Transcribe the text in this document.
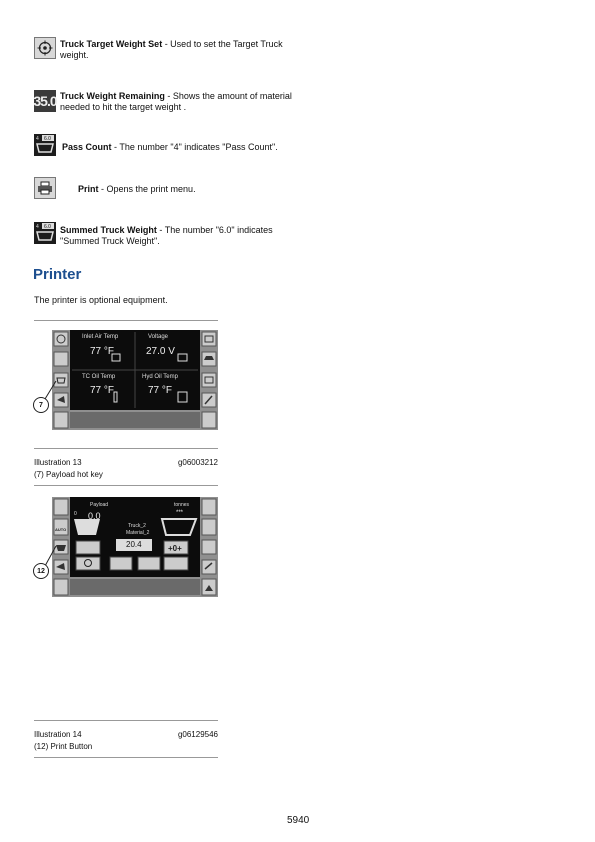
Truck Target Weight Set - Used to set the Target Truck weight.
35.0 Truck Weight Remaining - Shows the amount of material needed to hit the target weight .
4 6.0
Pass Count - The number "4" indicates "Pass Count".
Print - Opens the print menu.
4 6.0 Summed Truck Weight - The number "6.0" indicates "Summed Truck Weight".
Printer

The printer is optional equipment.

Inlet Air Temp
77 °F
Voltage
27.0 V
TC Oil Temp
77 °F
Hyd Oil Temp
77 °F
7
Illustration 13	g06003212
(7) Payload hot key
+0+
Payload
0 0.0
tonnes
***
Truck_2
Material_2
20.4
AUTO
12
Illustration 14	g06129546
(12) Print Button
5940
